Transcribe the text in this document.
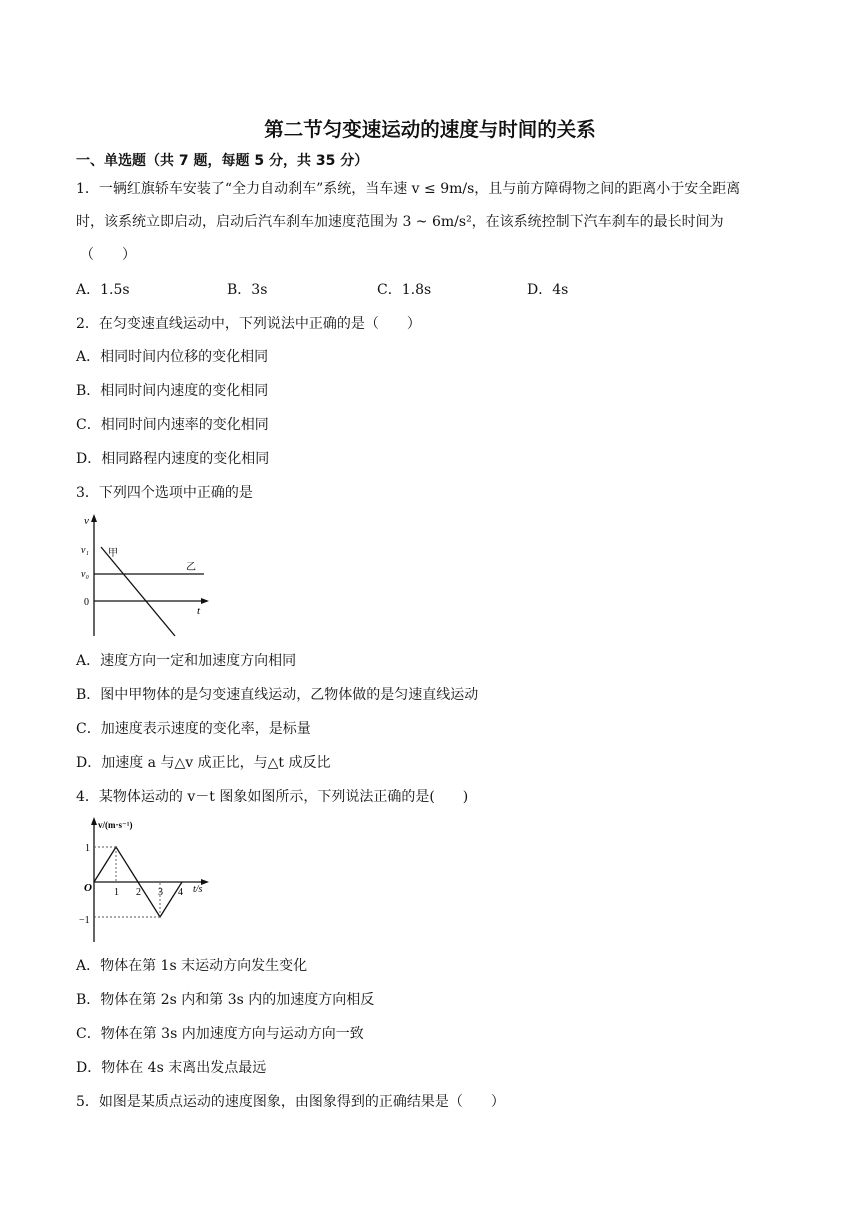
第二节匀变速运动的速度与时间的关系
一、单选题（共 7 题，每题 5 分，共 35 分）
1．一辆红旗轿车安装了“全力自动刹车”系统，当车速 v ≤ 9m/s，且与前方障碍物之间的距离小于安全距离
时，该系统立即启动，启动后汽车刹车加速度范围为 3 ~ 6m/s²，在该系统控制下汽车刹车的最长时间为
（　　）
A．1.5s	B．3s	C．1.8s	D．4s
2．在匀变速直线运动中，下列说法中正确的是（　　）
A．相同时间内位移的变化相同
B．相同时间内速度的变化相同
C．相同时间内速率的变化相同
D．相同路程内速度的变化相同
3．下列四个选项中正确的是
v
v₁
v₀
0
t
甲
乙
A．速度方向一定和加速度方向相同
B．图中甲物体的是匀变速直线运动，乙物体做的是匀速直线运动
C．加速度表示速度的变化率，是标量
D．加速度 a 与△v 成正比，与△t 成反比
4．某物体运动的 v－t 图象如图所示，下列说法正确的是(　　)
v/(m·s⁻¹)
1
−1
O 1 2 3 4 t/s
A．物体在第 1s 末运动方向发生变化
B．物体在第 2s 内和第 3s 内的加速度方向相反
C．物体在第 3s 内加速度方向与运动方向一致
D．物体在 4s 末离出发点最远
5．如图是某质点运动的速度图象，由图象得到的正确结果是（　　）
